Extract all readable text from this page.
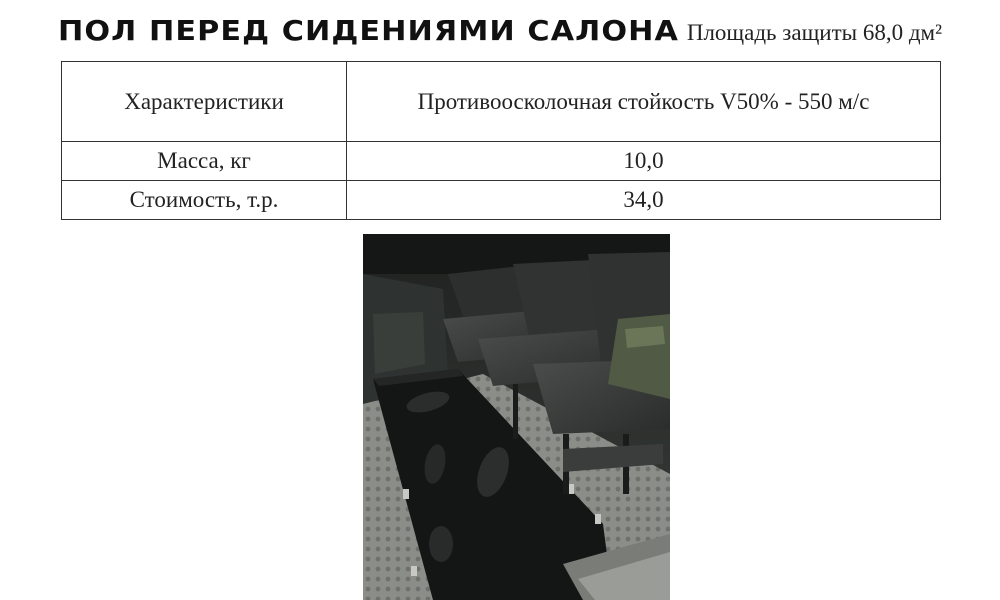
ПОЛ ПЕРЕД СИДЕНИЯМИ САЛОНА Площадь защиты 68,0 дм²
Характеристики	Противоосколочная стойкость V50% - 550 м/с
Масса, кг	10,0
Стоимость, т.р.	34,0
